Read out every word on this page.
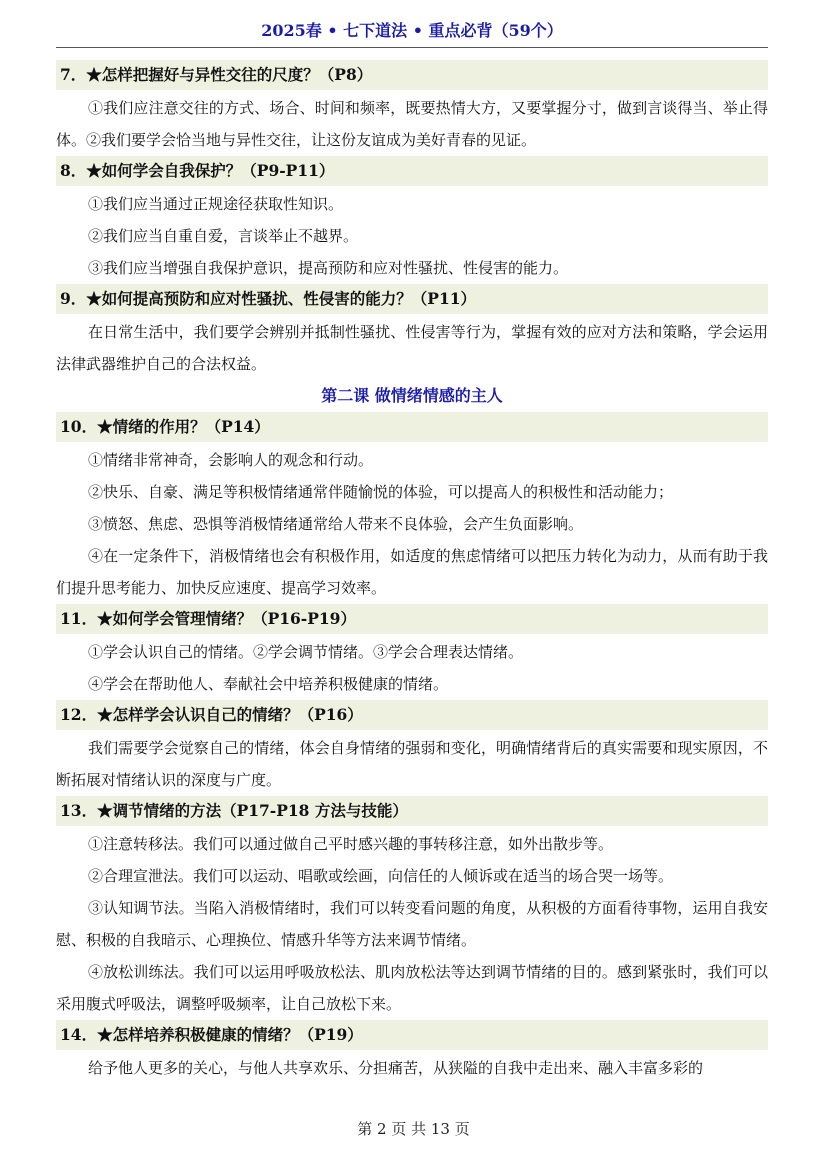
2025春 • 七下道法 • 重点必背（59个）
7．★怎样把握好与异性交往的尺度？（P8）

①我们应注意交往的方式、场合、时间和频率，既要热情大方，又要掌握分寸，做到言谈得当、举止得体。②我们要学会恰当地与异性交往，让这份友谊成为美好青春的见证。

8．★如何学会自我保护？（P9-P11）

①我们应当通过正规途径获取性知识。

②我们应当自重自爱，言谈举止不越界。

③我们应当增强自我保护意识，提高预防和应对性骚扰、性侵害的能力。

9．★如何提高预防和应对性骚扰、性侵害的能力？（P11）

在日常生活中，我们要学会辨别并抵制性骚扰、性侵害等行为，掌握有效的应对方法和策略，学会运用法律武器维护自己的合法权益。

第二课 做情绪情感的主人
10．★情绪的作用？（P14）

①情绪非常神奇，会影响人的观念和行动。

②快乐、自豪、满足等积极情绪通常伴随愉悦的体验，可以提高人的积极性和活动能力；

③愤怒、焦虑、恐惧等消极情绪通常给人带来不良体验，会产生负面影响。

④在一定条件下，消极情绪也会有积极作用，如适度的焦虑情绪可以把压力转化为动力，从而有助于我们提升思考能力、加快反应速度、提高学习效率。

11．★如何学会管理情绪？（P16-P19）

①学会认识自己的情绪。②学会调节情绪。③学会合理表达情绪。

④学会在帮助他人、奉献社会中培养积极健康的情绪。

12．★怎样学会认识自己的情绪？（P16）

我们需要学会觉察自己的情绪，体会自身情绪的强弱和变化，明确情绪背后的真实需要和现实原因，不断拓展对情绪认识的深度与广度。

13．★调节情绪的方法（P17-P18 方法与技能）

①注意转移法。我们可以通过做自己平时感兴趣的事转移注意，如外出散步等。

②合理宣泄法。我们可以运动、唱歌或绘画，向信任的人倾诉或在适当的场合哭一场等。

③认知调节法。当陷入消极情绪时，我们可以转变看问题的角度，从积极的方面看待事物，运用自我安慰、积极的自我暗示、心理换位、情感升华等方法来调节情绪。

④放松训练法。我们可以运用呼吸放松法、肌肉放松法等达到调节情绪的目的。感到紧张时，我们可以采用腹式呼吸法，调整呼吸频率，让自己放松下来。

14．★怎样培养积极健康的情绪？（P19）

给予他人更多的关心，与他人共享欢乐、分担痛苦，从狭隘的自我中走出来、融入丰富多彩的

第 2 页 共 13 页
